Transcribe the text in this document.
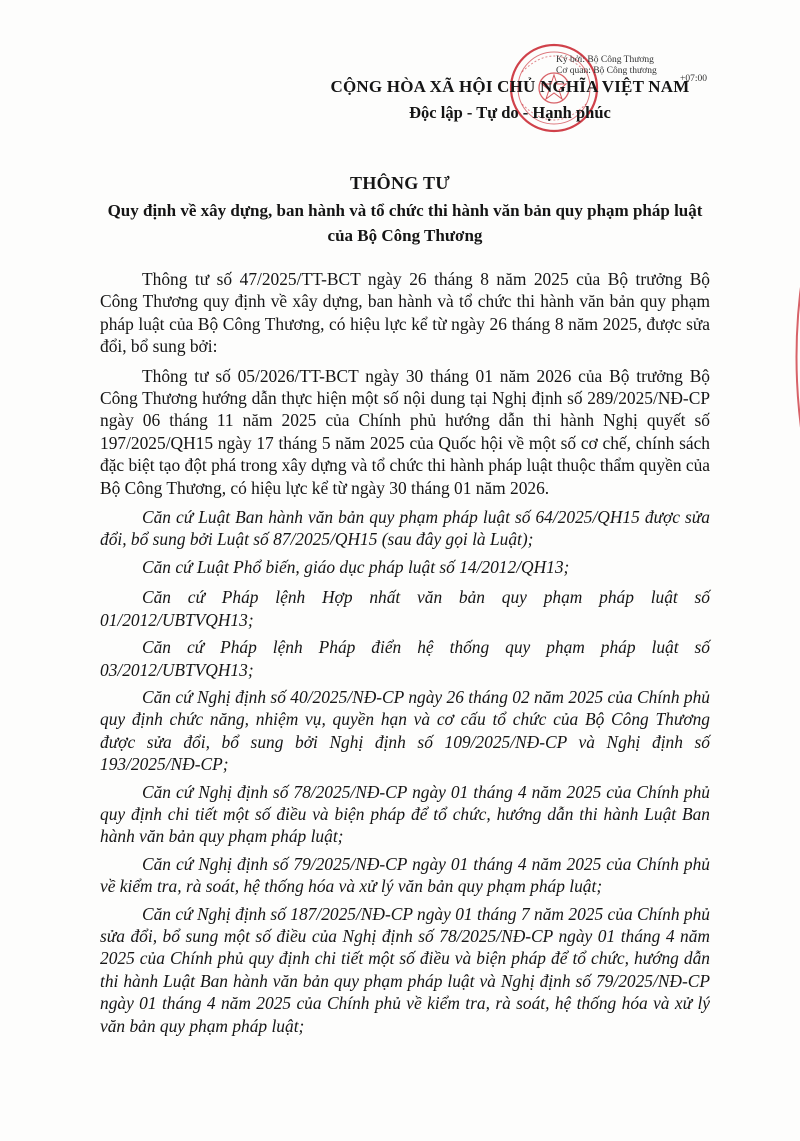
Ký bởi: Bộ Công Thương
Cơ quan: Bộ Công thương
+07:00
CỘNG HÒA XÃ HỘI CHỦ NGHĨA VIỆT NAM
Độc lập - Tự do - Hạnh phúc
THÔNG TƯ
Quy định về xây dựng, ban hành và tổ chức thi hành văn bản quy phạm pháp luật của Bộ Công Thương

Thông tư số 47/2025/TT-BCT ngày 26 tháng 8 năm 2025 của Bộ trưởng Bộ Công Thương quy định về xây dựng, ban hành và tổ chức thi hành văn bản quy phạm pháp luật của Bộ Công Thương, có hiệu lực kể từ ngày 26 tháng 8 năm 2025, được sửa đổi, bổ sung bởi:

Thông tư số 05/2026/TT-BCT ngày 30 tháng 01 năm 2026 của Bộ trưởng Bộ Công Thương hướng dẫn thực hiện một số nội dung tại Nghị định số 289/2025/NĐ-CP ngày 06 tháng 11 năm 2025 của Chính phủ hướng dẫn thi hành Nghị quyết số 197/2025/QH15 ngày 17 tháng 5 năm 2025 của Quốc hội về một số cơ chế, chính sách đặc biệt tạo đột phá trong xây dựng và tổ chức thi hành pháp luật thuộc thẩm quyền của Bộ Công Thương, có hiệu lực kể từ ngày 30 tháng 01 năm 2026.

Căn cứ Luật Ban hành văn bản quy phạm pháp luật số 64/2025/QH15 được sửa đổi, bổ sung bởi Luật số 87/2025/QH15 (sau đây gọi là Luật);

Căn cứ Luật Phổ biến, giáo dục pháp luật số 14/2012/QH13;

Căn cứ Pháp lệnh Hợp nhất văn bản quy phạm pháp luật số 01/2012/UBTVQH13;

Căn cứ Pháp lệnh Pháp điển hệ thống quy phạm pháp luật số 03/2012/UBTVQH13;

Căn cứ Nghị định số 40/2025/NĐ-CP ngày 26 tháng 02 năm 2025 của Chính phủ quy định chức năng, nhiệm vụ, quyền hạn và cơ cấu tổ chức của Bộ Công Thương được sửa đổi, bổ sung bởi Nghị định số 109/2025/NĐ-CP và Nghị định số 193/2025/NĐ-CP;

Căn cứ Nghị định số 78/2025/NĐ-CP ngày 01 tháng 4 năm 2025 của Chính phủ quy định chi tiết một số điều và biện pháp để tổ chức, hướng dẫn thi hành Luật Ban hành văn bản quy phạm pháp luật;

Căn cứ Nghị định số 79/2025/NĐ-CP ngày 01 tháng 4 năm 2025 của Chính phủ về kiểm tra, rà soát, hệ thống hóa và xử lý văn bản quy phạm pháp luật;

Căn cứ Nghị định số 187/2025/NĐ-CP ngày 01 tháng 7 năm 2025 của Chính phủ sửa đổi, bổ sung một số điều của Nghị định số 78/2025/NĐ-CP ngày 01 tháng 4 năm 2025 của Chính phủ quy định chi tiết một số điều và biện pháp để tổ chức, hướng dẫn thi hành Luật Ban hành văn bản quy phạm pháp luật và Nghị định số 79/2025/NĐ-CP ngày 01 tháng 4 năm 2025 của Chính phủ về kiểm tra, rà soát, hệ thống hóa và xử lý văn bản quy phạm pháp luật;
